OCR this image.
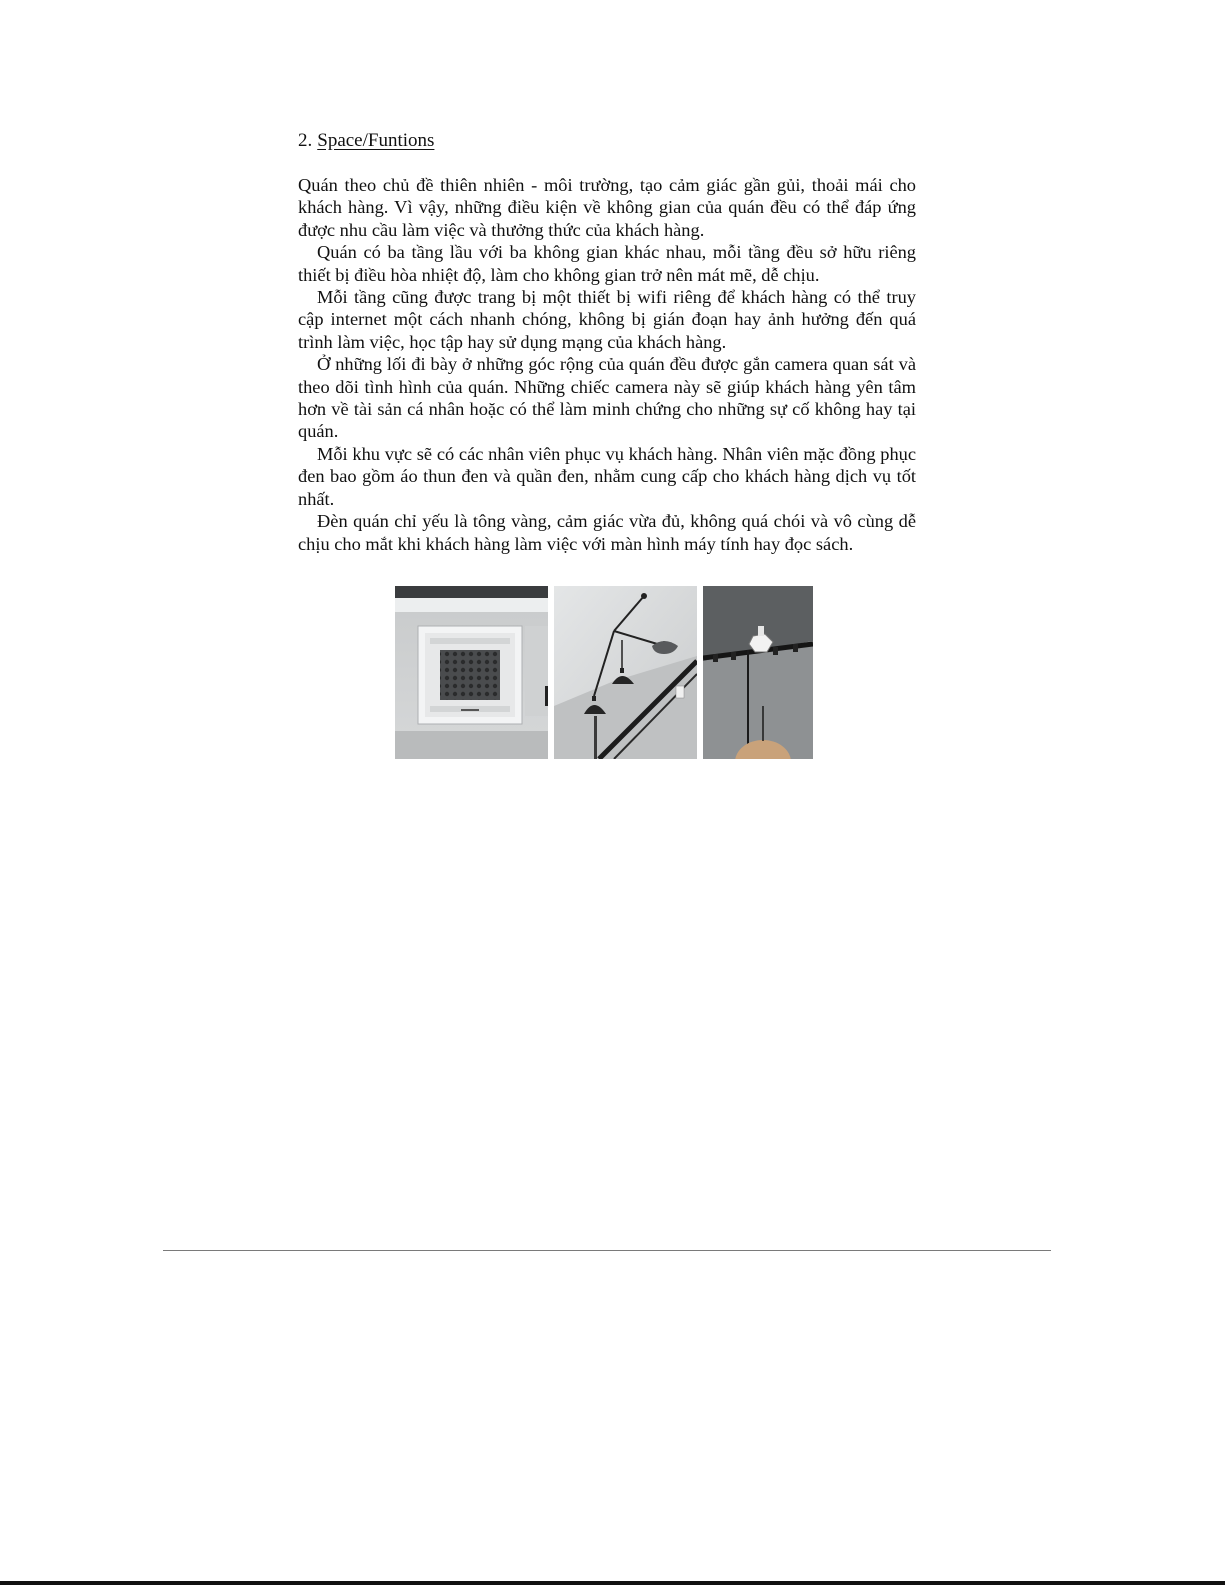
2. Space/Funtions

Quán theo chủ đề thiên nhiên - môi trường, tạo cảm giác gần gủi, thoải mái cho khách hàng. Vì vậy, những điều kiện về không gian của quán đều có thể đáp ứng được nhu cầu làm việc và thưởng thức của khách hàng.

Quán có ba tầng lầu với ba không gian khác nhau, mỗi tầng đều sở hữu riêng thiết bị điều hòa nhiệt độ, làm cho không gian trở nên mát mẽ, dễ chịu.

Mỗi tầng cũng được trang bị một thiết bị wifi riêng để khách hàng có thể truy cập internet một cách nhanh chóng, không bị gián đoạn hay ảnh hưởng đến quá trình làm việc, học tập hay sử dụng mạng của khách hàng.

Ở những lối đi bày ở những góc rộng của quán đều được gắn camera quan sát và theo dõi tình hình của quán. Những chiếc camera này sẽ giúp khách hàng yên tâm hơn về tài sản cá nhân hoặc có thể làm minh chứng cho những sự cố không hay tại quán.

Mỗi khu vực sẽ có các nhân viên phục vụ khách hàng. Nhân viên mặc đồng phục đen bao gồm áo thun đen và quần đen, nhằm cung cấp cho khách hàng dịch vụ tốt nhất.

Đèn quán chỉ yếu là tông vàng, cảm giác vừa đủ, không quá chói và vô cùng dễ chịu cho mắt khi khách hàng làm việc với màn hình máy tính hay đọc sách.
